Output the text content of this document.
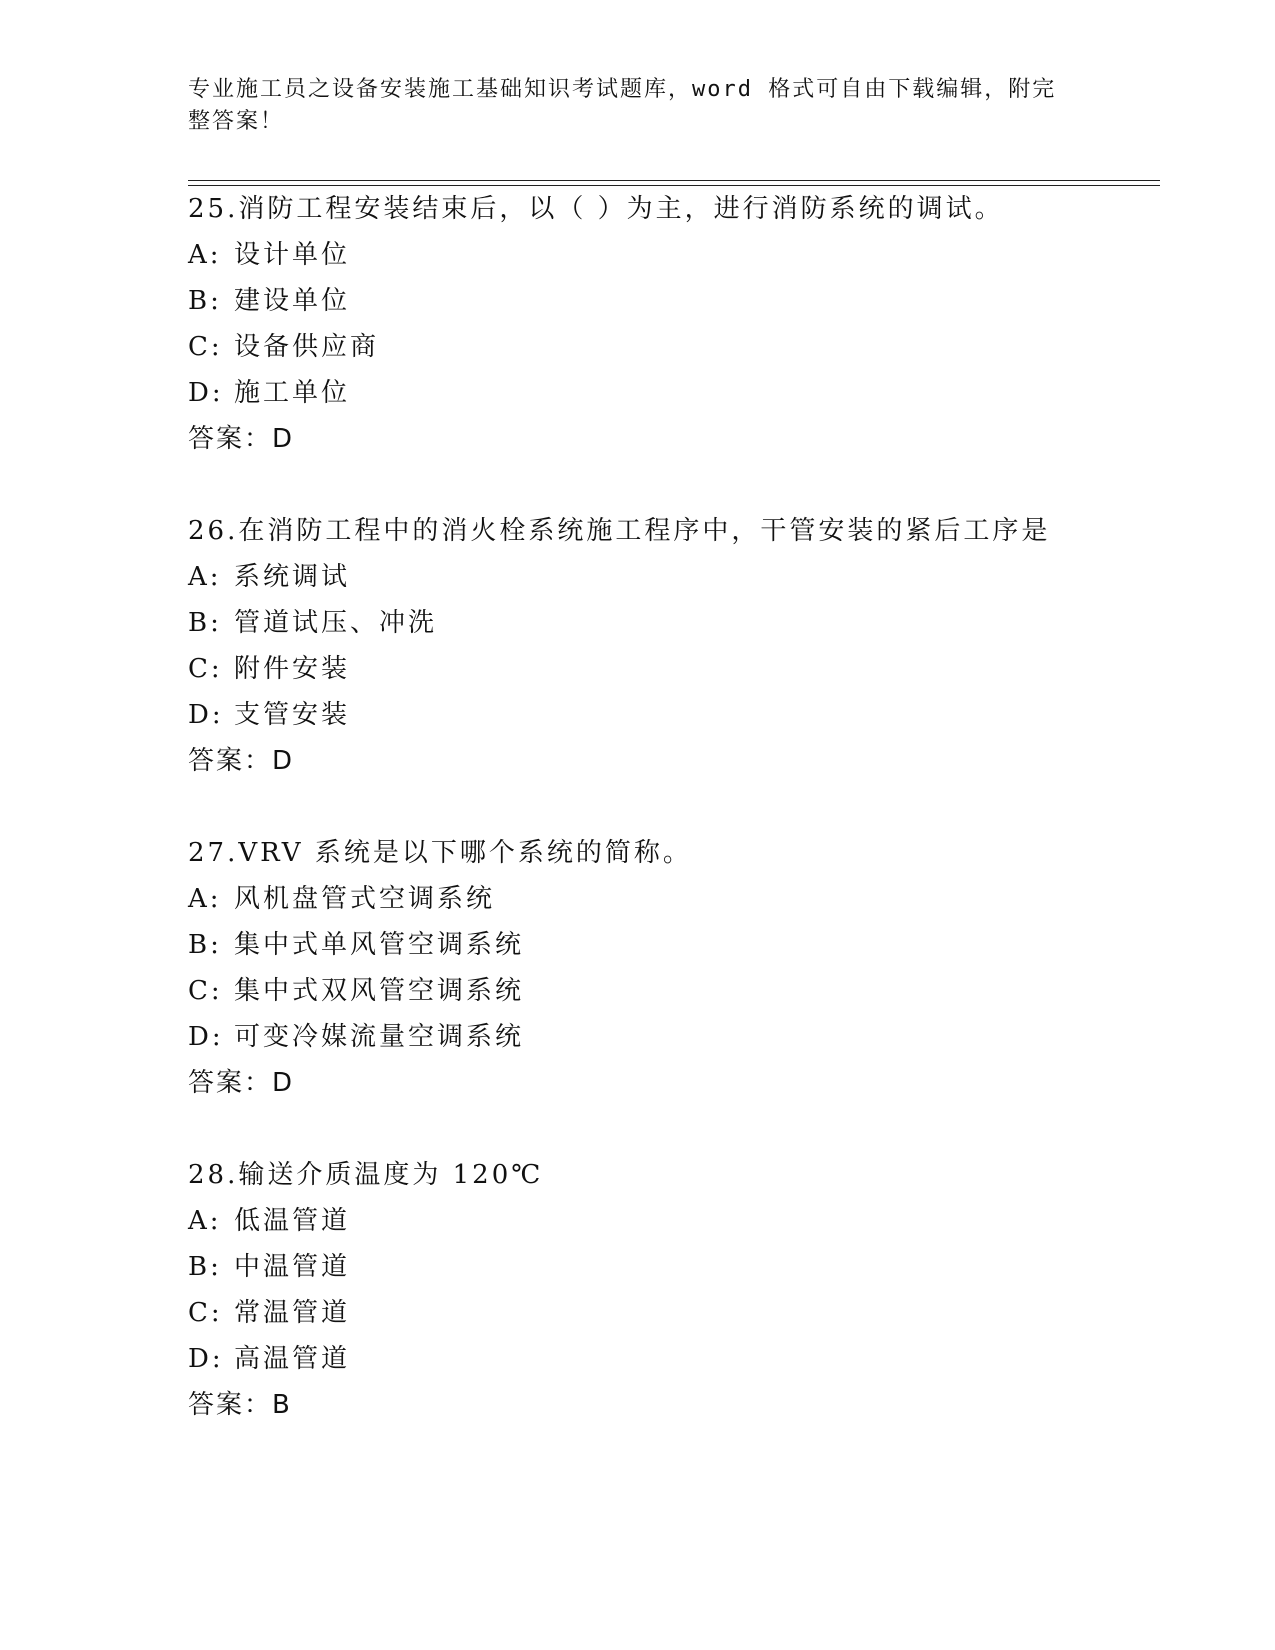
专业施工员之设备安装施工基础知识考试题库，word 格式可自由下载编辑，附完整答案！
25.消防工程安装结束后，以（ ）为主，进行消防系统的调试。
A: 设计单位
B: 建设单位
C: 设备供应商
D: 施工单位
答案：D
26.在消防工程中的消火栓系统施工程序中，干管安装的紧后工序是
A: 系统调试
B: 管道试压、冲洗
C: 附件安装
D: 支管安装
答案：D
27.VRV 系统是以下哪个系统的简称。
A: 风机盘管式空调系统
B: 集中式单风管空调系统
C: 集中式双风管空调系统
D: 可变冷媒流量空调系统
答案：D
28.输送介质温度为 120℃
A: 低温管道
B: 中温管道
C: 常温管道
D: 高温管道
答案：B
